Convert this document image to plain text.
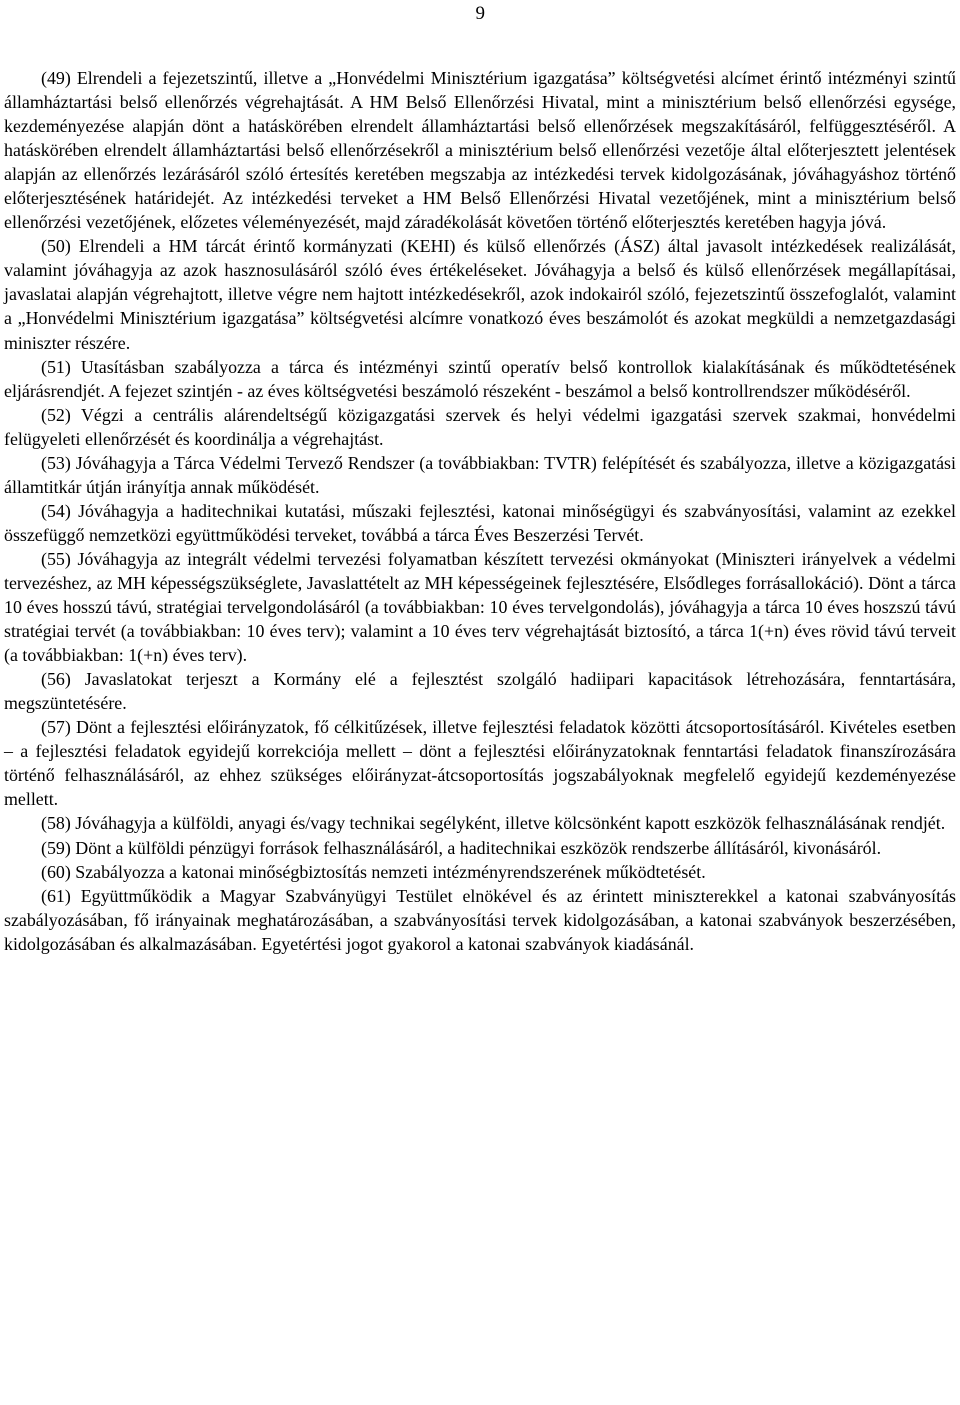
9

(49) Elrendeli a fejezetszintű, illetve a „Honvédelmi Minisztérium igazgatása” költségvetési alcímet érintő intézményi szintű államháztartási belső ellenőrzés végrehajtását. A HM Belső Ellenőrzési Hivatal, mint a minisztérium belső ellenőrzési egysége, kezdeményezése alapján dönt a hatáskörében elrendelt államháztartási belső ellenőrzések megszakításáról, felfüggesztéséről. A hatáskörében elrendelt államháztartási belső ellenőrzésekről a minisztérium belső ellenőrzési vezetője által előterjesztett jelentések alapján az ellenőrzés lezárásáról szóló értesítés keretében megszabja az intézkedési tervek kidolgozásának, jóváhagyáshoz történő előterjesztésének határidejét. Az intézkedési terveket a HM Belső Ellenőrzési Hivatal vezetőjének, mint a minisztérium belső ellenőrzési vezetőjének, előzetes véleményezését, majd záradékolását követően történő előterjesztés keretében hagyja jóvá.

(50) Elrendeli a HM tárcát érintő kormányzati (KEHI) és külső ellenőrzés (ÁSZ) által javasolt intézkedések realizálását, valamint jóváhagyja az azok hasznosulásáról szóló éves értékeléseket. Jóváhagyja a belső és külső ellenőrzések megállapításai, javaslatai alapján végrehajtott, illetve végre nem hajtott intézkedésekről, azok indokairól szóló, fejezetszintű összefoglalót, valamint a „Honvédelmi Minisztérium igazgatása” költségvetési alcímre vonatkozó éves beszámolót és azokat megküldi a nemzetgazdasági miniszter részére.

(51) Utasításban szabályozza a tárca és intézményi szintű operatív belső kontrollok kialakításának és működtetésének eljárásrendjét. A fejezet szintjén - az éves költségvetési beszámoló részeként - beszámol a belső kontrollrendszer működéséről.

(52) Végzi a centrális alárendeltségű közigazgatási szervek és helyi védelmi igazgatási szervek szakmai, honvédelmi felügyeleti ellenőrzését és koordinálja a végrehajtást.

(53) Jóváhagyja a Tárca Védelmi Tervező Rendszer (a továbbiakban: TVTR) felépítését és szabályozza, illetve a közigazgatási államtitkár útján irányítja annak működését.

(54) Jóváhagyja a haditechnikai kutatási, műszaki fejlesztési, katonai minőségügyi és szabványosítási, valamint az ezekkel összefüggő nemzetközi együttműködési terveket, továbbá a tárca Éves Beszerzési Tervét.

(55) Jóváhagyja az integrált védelmi tervezési folyamatban készített tervezési okmányokat (Miniszteri irányelvek a védelmi tervezéshez, az MH képességszükséglete, Javaslattételt az MH képességeinek fejlesztésére, Elsődleges forrásallokáció). Dönt a tárca 10 éves hosszú távú, stratégiai tervelgondolásáról (a továbbiakban: 10 éves tervelgondolás), jóváhagyja a tárca 10 éves hoszszú távú stratégiai tervét (a továbbiakban: 10 éves terv); valamint a 10 éves terv végrehajtását biztosító, a tárca 1(+n) éves rövid távú terveit (a továbbiakban: 1(+n) éves terv).

(56) Javaslatokat terjeszt a Kormány elé a fejlesztést szolgáló hadiipari kapacitások létrehozására, fenntartására, megszüntetésére.

(57) Dönt a fejlesztési előirányzatok, fő célkitűzések, illetve fejlesztési feladatok közötti átcsoportosításáról. Kivételes esetben – a fejlesztési feladatok egyidejű korrekciója mellett – dönt a fejlesztési előirányzatoknak fenntartási feladatok finanszírozására történő felhasználásáról, az ehhez szükséges előirányzat-átcsoportosítás jogszabályoknak megfelelő egyidejű kezdeményezése mellett.

(58) Jóváhagyja a külföldi, anyagi és/vagy technikai segélyként, illetve kölcsönként kapott eszközök felhasználásának rendjét.

(59) Dönt a külföldi pénzügyi források felhasználásáról, a haditechnikai eszközök rendszerbe állításáról, kivonásáról.

(60) Szabályozza a katonai minőségbiztosítás nemzeti intézményrendszerének működtetését.

(61) Együttműködik a Magyar Szabványügyi Testület elnökével és az érintett miniszterekkel a katonai szabványosítás szabályozásában, fő irányainak meghatározásában, a szabványosítási tervek kidolgozásában, a katonai szabványok beszerzésében, kidolgozásában és alkalmazásában. Egyetértési jogot gyakorol a katonai szabványok kiadásánál.
